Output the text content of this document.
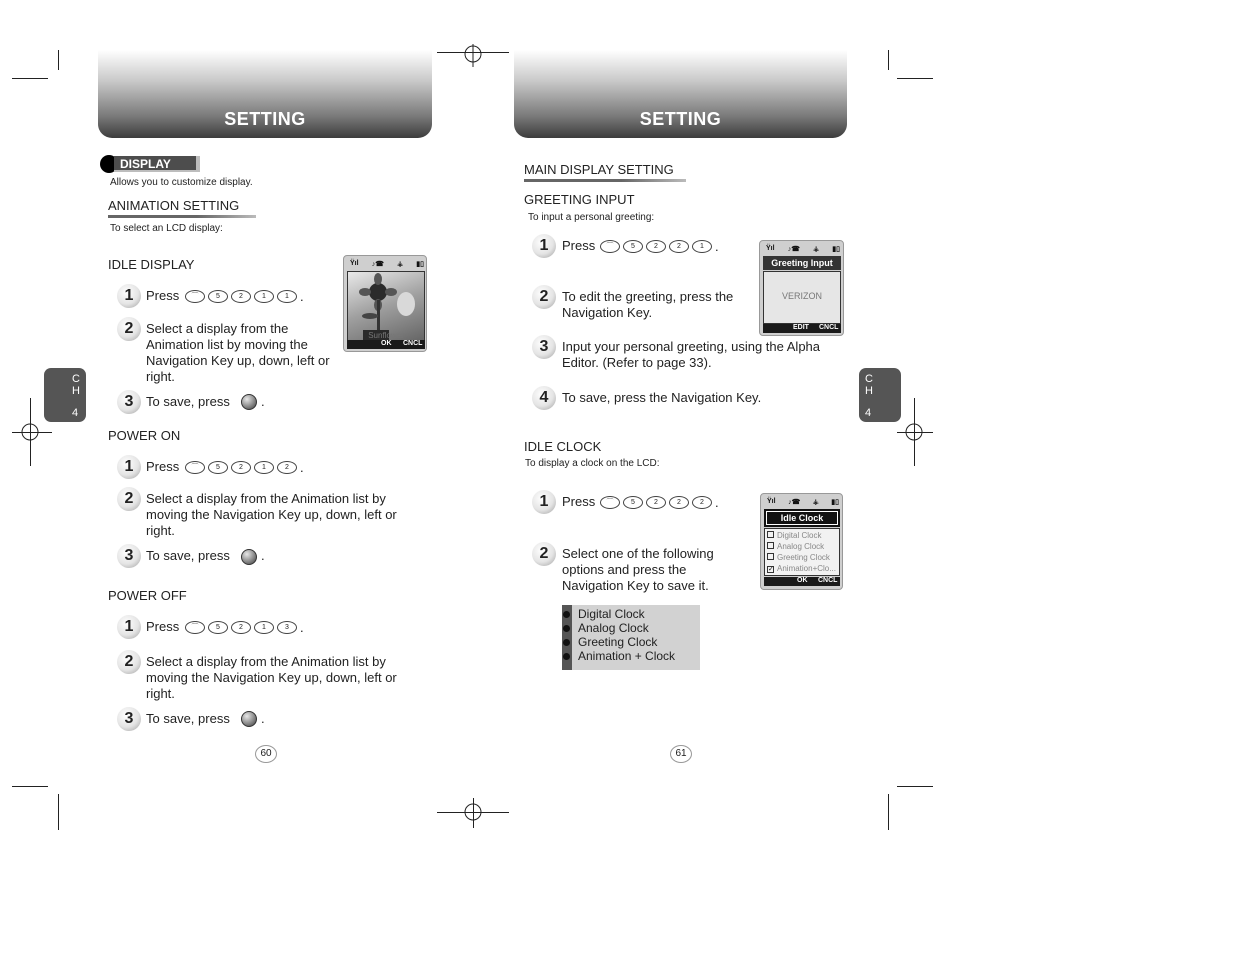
SETTING
DISPLAY
Allows you to customize display.
ANIMATION SETTING
To select an LCD display:
IDLE DISPLAY
1 Press	⌒	5	2	1	1 .
2 Select a display from the Animation list by moving the Navigation Key up, down, left or right.
3 To save, press .
Ÿıl ♪☎ ⚶ ▮▯
Sunflower
OK CNCL
POWER ON
1 Press	⌒	5	2	1	2 .
2 Select a display from the Animation list by moving the Navigation Key up, down, left or right.
3 To save, press .
POWER OFF
1 Press	⌒	5	2	1	3 .
2 Select a display from the Animation list by moving the Navigation Key up, down, left or right.
3 To save, press .
C
H
4
60
SETTING
MAIN DISPLAY SETTING
GREETING INPUT
To input a personal greeting:
1	Press	⌒	5	2	2	1 .
2	To edit the greeting, press the Navigation Key.
3	Input your personal greeting, using the Alpha Editor. (Refer to page 33).
4	To save, press the Navigation Key.
Ÿıl ♪☎ ⚶ ▮▯
Greeting Input
VERIZON
EDIT CNCL
IDLE CLOCK
To display a clock on the LCD:
1	Press	⌒	5	2	2	2 .
2	Select one of the following options and press the Navigation Key to save it.
Ÿıl ♪☎ ⚶ ▮▯
Idle Clock
Digital Clock
Analog Clock
Greeting Clock
✓ Animation+Clo...
OK CNCL
Digital Clock
Analog Clock
Greeting Clock
Animation + Clock
C
H
4
61
